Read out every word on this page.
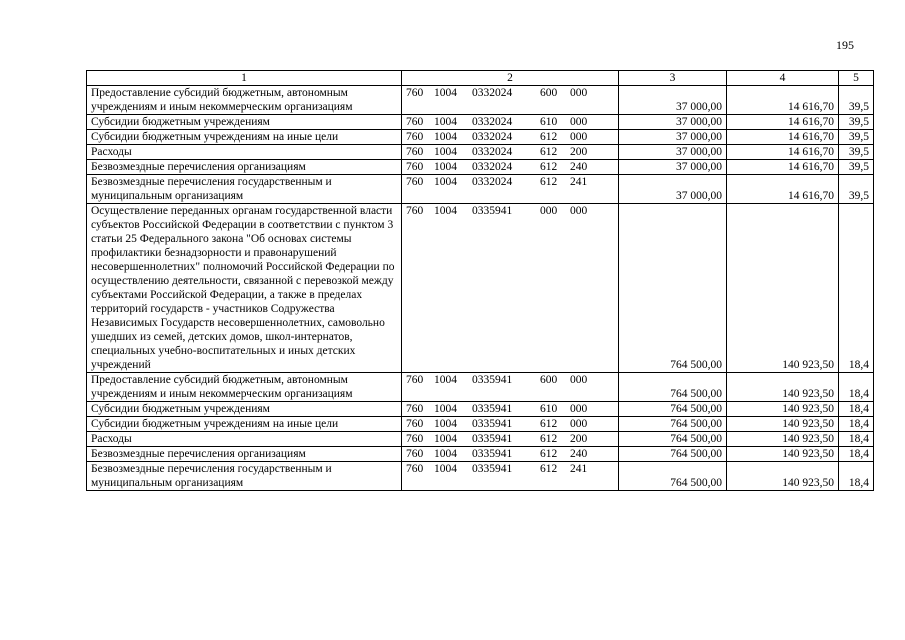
195
1	2	3	4	5
Предоставление субсидий бюджетным, автономным учреждениям и иным некоммерческим организациям	760 1004 0332024 600 000	37 000,00	14 616,70	39,5
Субсидии бюджетным учреждениям	760 1004 0332024 610 000	37 000,00	14 616,70	39,5
Субсидии бюджетным учреждениям на иные цели	760 1004 0332024 612 000	37 000,00	14 616,70	39,5
Расходы	760 1004 0332024 612 200	37 000,00	14 616,70	39,5
Безвозмездные перечисления организациям	760 1004 0332024 612 240	37 000,00	14 616,70	39,5
Безвозмездные перечисления государственным и муниципальным организациям	760 1004 0332024 612 241	37 000,00	14 616,70	39,5
Осуществление переданных органам государственной власти субъектов Российской Федерации в соответствии с пунктом 3 статьи 25 Федерального закона "Об основах системы профилактики безнадзорности и правонарушений несовершеннолетних" полномочий Российской Федерации по осуществлению деятельности, связанной с перевозкой между субъектами Российской Федерации, а также в пределах территорий государств - участников Содружества Независимых Государств несовершеннолетних, самовольно ушедших из семей, детских домов, школ-интернатов, специальных учебно-воспитательных и иных детских учреждений	760 1004 0335941 000 000	764 500,00	140 923,50	18,4
Предоставление субсидий бюджетным, автономным учреждениям и иным некоммерческим организациям	760 1004 0335941 600 000	764 500,00	140 923,50	18,4
Субсидии бюджетным учреждениям	760 1004 0335941 610 000	764 500,00	140 923,50	18,4
Субсидии бюджетным учреждениям на иные цели	760 1004 0335941 612 000	764 500,00	140 923,50	18,4
Расходы	760 1004 0335941 612 200	764 500,00	140 923,50	18,4
Безвозмездные перечисления организациям	760 1004 0335941 612 240	764 500,00	140 923,50	18,4
Безвозмездные перечисления государственным и муниципальным организациям	760 1004 0335941 612 241	764 500,00	140 923,50	18,4
